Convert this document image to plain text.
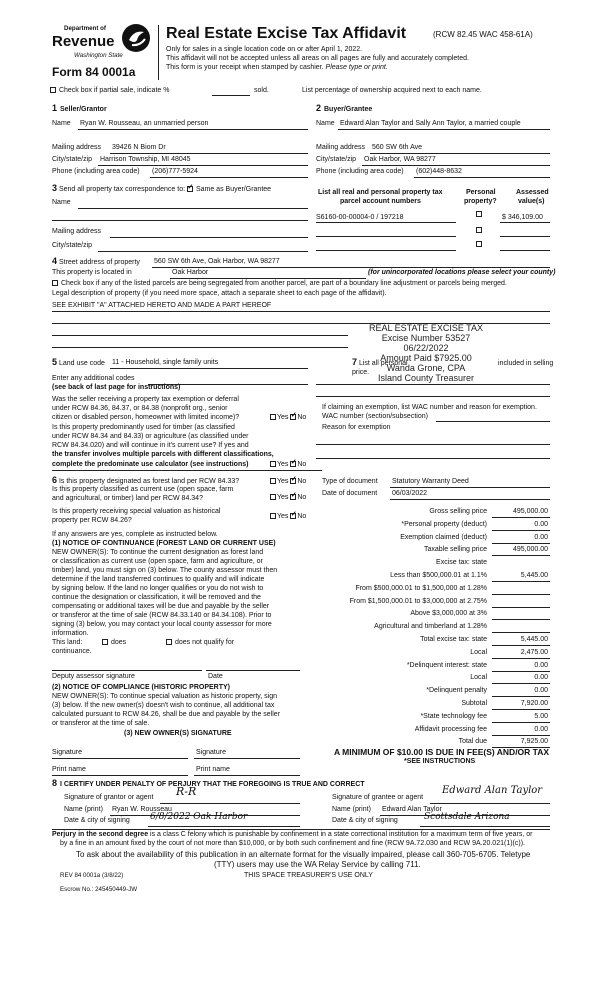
Department of
Revenue
Washington State
Form 84 0001a
Real Estate Excise Tax Affidavit	(RCW 82.45 WAC 458-61A)
Only for sales in a single location code on or after April 1, 2022.
This affidavit will not be accepted unless all areas on all pages are fully and accurately completed.
This form is your receipt when stamped by cashier. Please type or print.
Check box if partial sale, indicate %	sold.	List percentage of ownership acquired next to each name.
1 Seller/Grantor
Name Ryan W. Rousseau, an unmarried person
Mailing address 39426 N Biom Dr
City/state/zip Harrison Township, MI 48045
Phone (including area code) (206)777-5924
2 Buyer/Grantee
Name Edward Alan Taylor and Sally Ann Taylor, a married couple
Mailing address 560 SW 6th Ave
City/state/zip Oak Harbor, WA 98277
Phone (including area code) (602)448-8632
3 Send all property tax correspondence to: ✓ Same as Buyer/Grantee
Name
Mailing address
City/state/zip
List all real and personal property tax
parcel account numbers
Personal
property?
Assessed
value(s)
S6160-00-00004-0 / 197218	$ 346,109.00
4 Street address of property 560 SW 6th Ave, Oak Harbor, WA 98277
This property is located in	Oak Harbor	(for unincorporated locations please select your county)
Check box if any of the listed parcels are being segregated from another parcel, are part of a boundary line adjustment or parcels being merged.
Legal description of property (if you need more space, attach a separate sheet to each page of the affidavit).
SEE EXHIBIT "A" ATTACHED HERETO AND MADE A PART HEREOF
REAL ESTATE EXCISE TAX
Excise Number 53527
06/22/2022
Amount Paid $7925.00
Wanda Grone, CPA
Island County Treasurer
5 Land use code 11 - Household, single family units
Enter any additional codes
(see back of last page for instructions)
Was the seller receiving a property tax exemption or deferral
under RCW 84.36, 84.37, or 84.38 (nonprofit org., senior
citizen or disabled person, homeowner with limited income)?	Yes ✓ No
Is this property predominantly used for timber (as classified
under RCW 84.34 and 84.33) or agriculture (as classified under
RCW 84.34.020) and will continue in it's current use? If yes and
the transfer involves multiple parcels with different classifications,
complete the predominate use calculator (see instructions)	Yes ✓ No
7 List all personal
price.
included in selling
If claiming an exemption, list WAC number and reason for exemption.
WAC number (section/subsection)
Reason for exemption
6 Is this property designated as forest land per RCW 84.33?	Yes ✓ No
Is this property classified as current use (open space, farm
and agricultural, or timber) land per RCW 84.34?	Yes ✓ No
Is this property receiving special valuation as historical
property per RCW 84.26?
Yes ✓ No
If any answers are yes, complete as instructed below.
(1) NOTICE OF CONTINUANCE (FOREST LAND OR CURRENT USE)
NEW OWNER(S): To continue the current designation as forest land
or classification as current use (open space, farm and agriculture, or
timber) land, you must sign on (3) below. The county assessor must then
determine if the land transferred continues to qualify and will indicate
by signing below. If the land no longer qualifies or you do not wish to
continue the designation or classification, it will be removed and the
compensating or additional taxes will be due and payable by the seller
or transferor at the time of sale (RCW 84.33.140 or 84.34.108). Prior to
signing (3) below, you may contact your local county assessor for more
information.
This land:	does	does not qualify for
continuance.
Deputy assessor signature	Date
(2) NOTICE OF COMPLIANCE (HISTORIC PROPERTY)
NEW OWNER(S): To continue special valuation as historic property, sign
(3) below. If the new owner(s) doesn't wish to continue, all additional tax
calculated pursuant to RCW 84.26, shall be due and payable by the seller
or transferor at the time of sale.
(3) NEW OWNER(S) SIGNATURE
Signature	Signature
Print name	Print name
Type of document Statutory Warranty Deed
Date of document 06/03/2022
Gross selling price	495,000.00
*Personal property (deduct)	0.00
Exemption claimed (deduct)	0.00
Taxable selling price	495,000.00
Excise tax: state
Less than $500,000.01 at 1.1%	5,445.00
From $500,000.01 to $1,500,000 at 1.28%
From $1,500,000.01 to $3,000,000 at 2.75%
Above $3,000,000 at 3%
Agricultural and timberland at 1.28%
Total excise tax: state	5,445.00
Local	2,475.00
*Delinquent interest: state	0.00
Local	0.00
*Delinquent penalty	0.00
Subtotal	7,920.00
*State technology fee	5.00
Affidavit processing fee	0.00
Total due	7,925.00
A MINIMUM OF $10.00 IS DUE IN FEE(S) AND/OR TAX
*SEE INSTRUCTIONS
8 I CERTIFY UNDER PENALTY OF PERJURY THAT THE FOREGOING IS TRUE AND CORRECT
Signature of grantor or agent R-R
Name (print) Ryan W. Rousseau
Date & city of signing 6/8/2022 Oak Harbor
Signature of grantee or agent
Edward Alan Taylor
Name (print) Edward Alan Taylor
Date & city of signing	Scottsdale Arizona
Perjury in the second degree is a class C felony which is punishable by confinement in a state correctional institution for a maximum term of five years, or
by a fine in an amount fixed by the court of not more than $10,000, or by both such confinement and fine (RCW 9A.72.030 and RCW 9A.20.021(1)(c)).
To ask about the availability of this publication in an alternate format for the visually impaired, please call 360-705-6705. Teletype
(TTY) users may use the WA Relay Service by calling 711.
REV 84 0001a (3/8/22)	THIS SPACE TREASURER'S USE ONLY
Escrow No.: 245450449-JW
